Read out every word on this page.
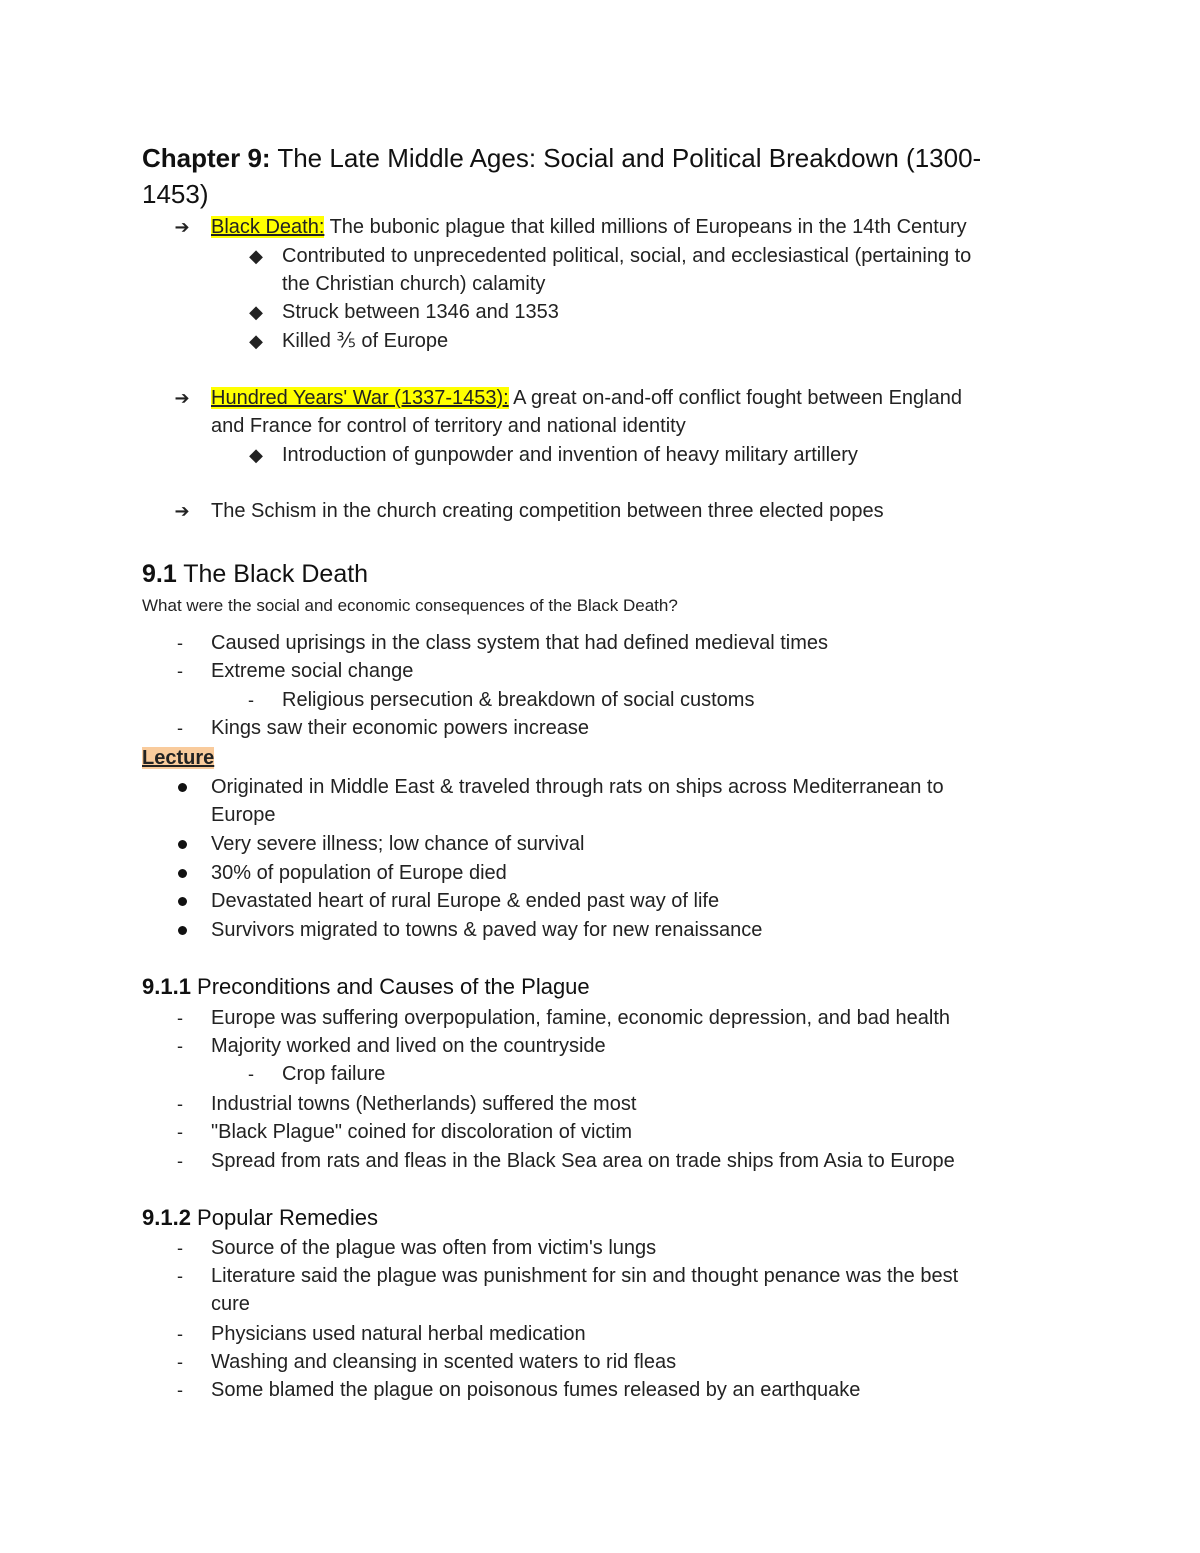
Chapter 9: The Late Middle Ages: Social and Political Breakdown (1300-
1453)
➔ Black Death: The bubonic plague that killed millions of Europeans in the 14th Century
◆ Contributed to unprecedented political, social, and ecclesiastical (pertaining to
the Christian church) calamity
◆ Struck between 1346 and 1353
◆ Killed ⅗ of Europe
➔ Hundred Years' War (1337-1453): A great on-and-off conflict fought between England
and France for control of territory and national identity
◆ Introduction of gunpowder and invention of heavy military artillery
➔ The Schism in the church creating competition between three elected popes
9.1 The Black Death
What were the social and economic consequences of the Black Death?
-	Caused uprisings in the class system that had defined medieval times
-	Extreme social change
-	Religious persecution & breakdown of social customs
-	Kings saw their economic powers increase
Lecture
Originated in Middle East & traveled through rats on ships across Mediterranean to
Europe
Very severe illness; low chance of survival
30% of population of Europe died
Devastated heart of rural Europe & ended past way of life
Survivors migrated to towns & paved way for new renaissance
9.1.1 Preconditions and Causes of the Plague
-	Europe was suffering overpopulation, famine, economic depression, and bad health
-	Majority worked and lived on the countryside
-	Crop failure
-	Industrial towns (Netherlands) suffered the most
-	"Black Plague" coined for discoloration of victim
-	Spread from rats and fleas in the Black Sea area on trade ships from Asia to Europe
9.1.2 Popular Remedies
-	Source of the plague was often from victim's lungs
-	Literature said the plague was punishment for sin and thought penance was the best
cure
-	Physicians used natural herbal medication
-	Washing and cleansing in scented waters to rid fleas
-	Some blamed the plague on poisonous fumes released by an earthquake
